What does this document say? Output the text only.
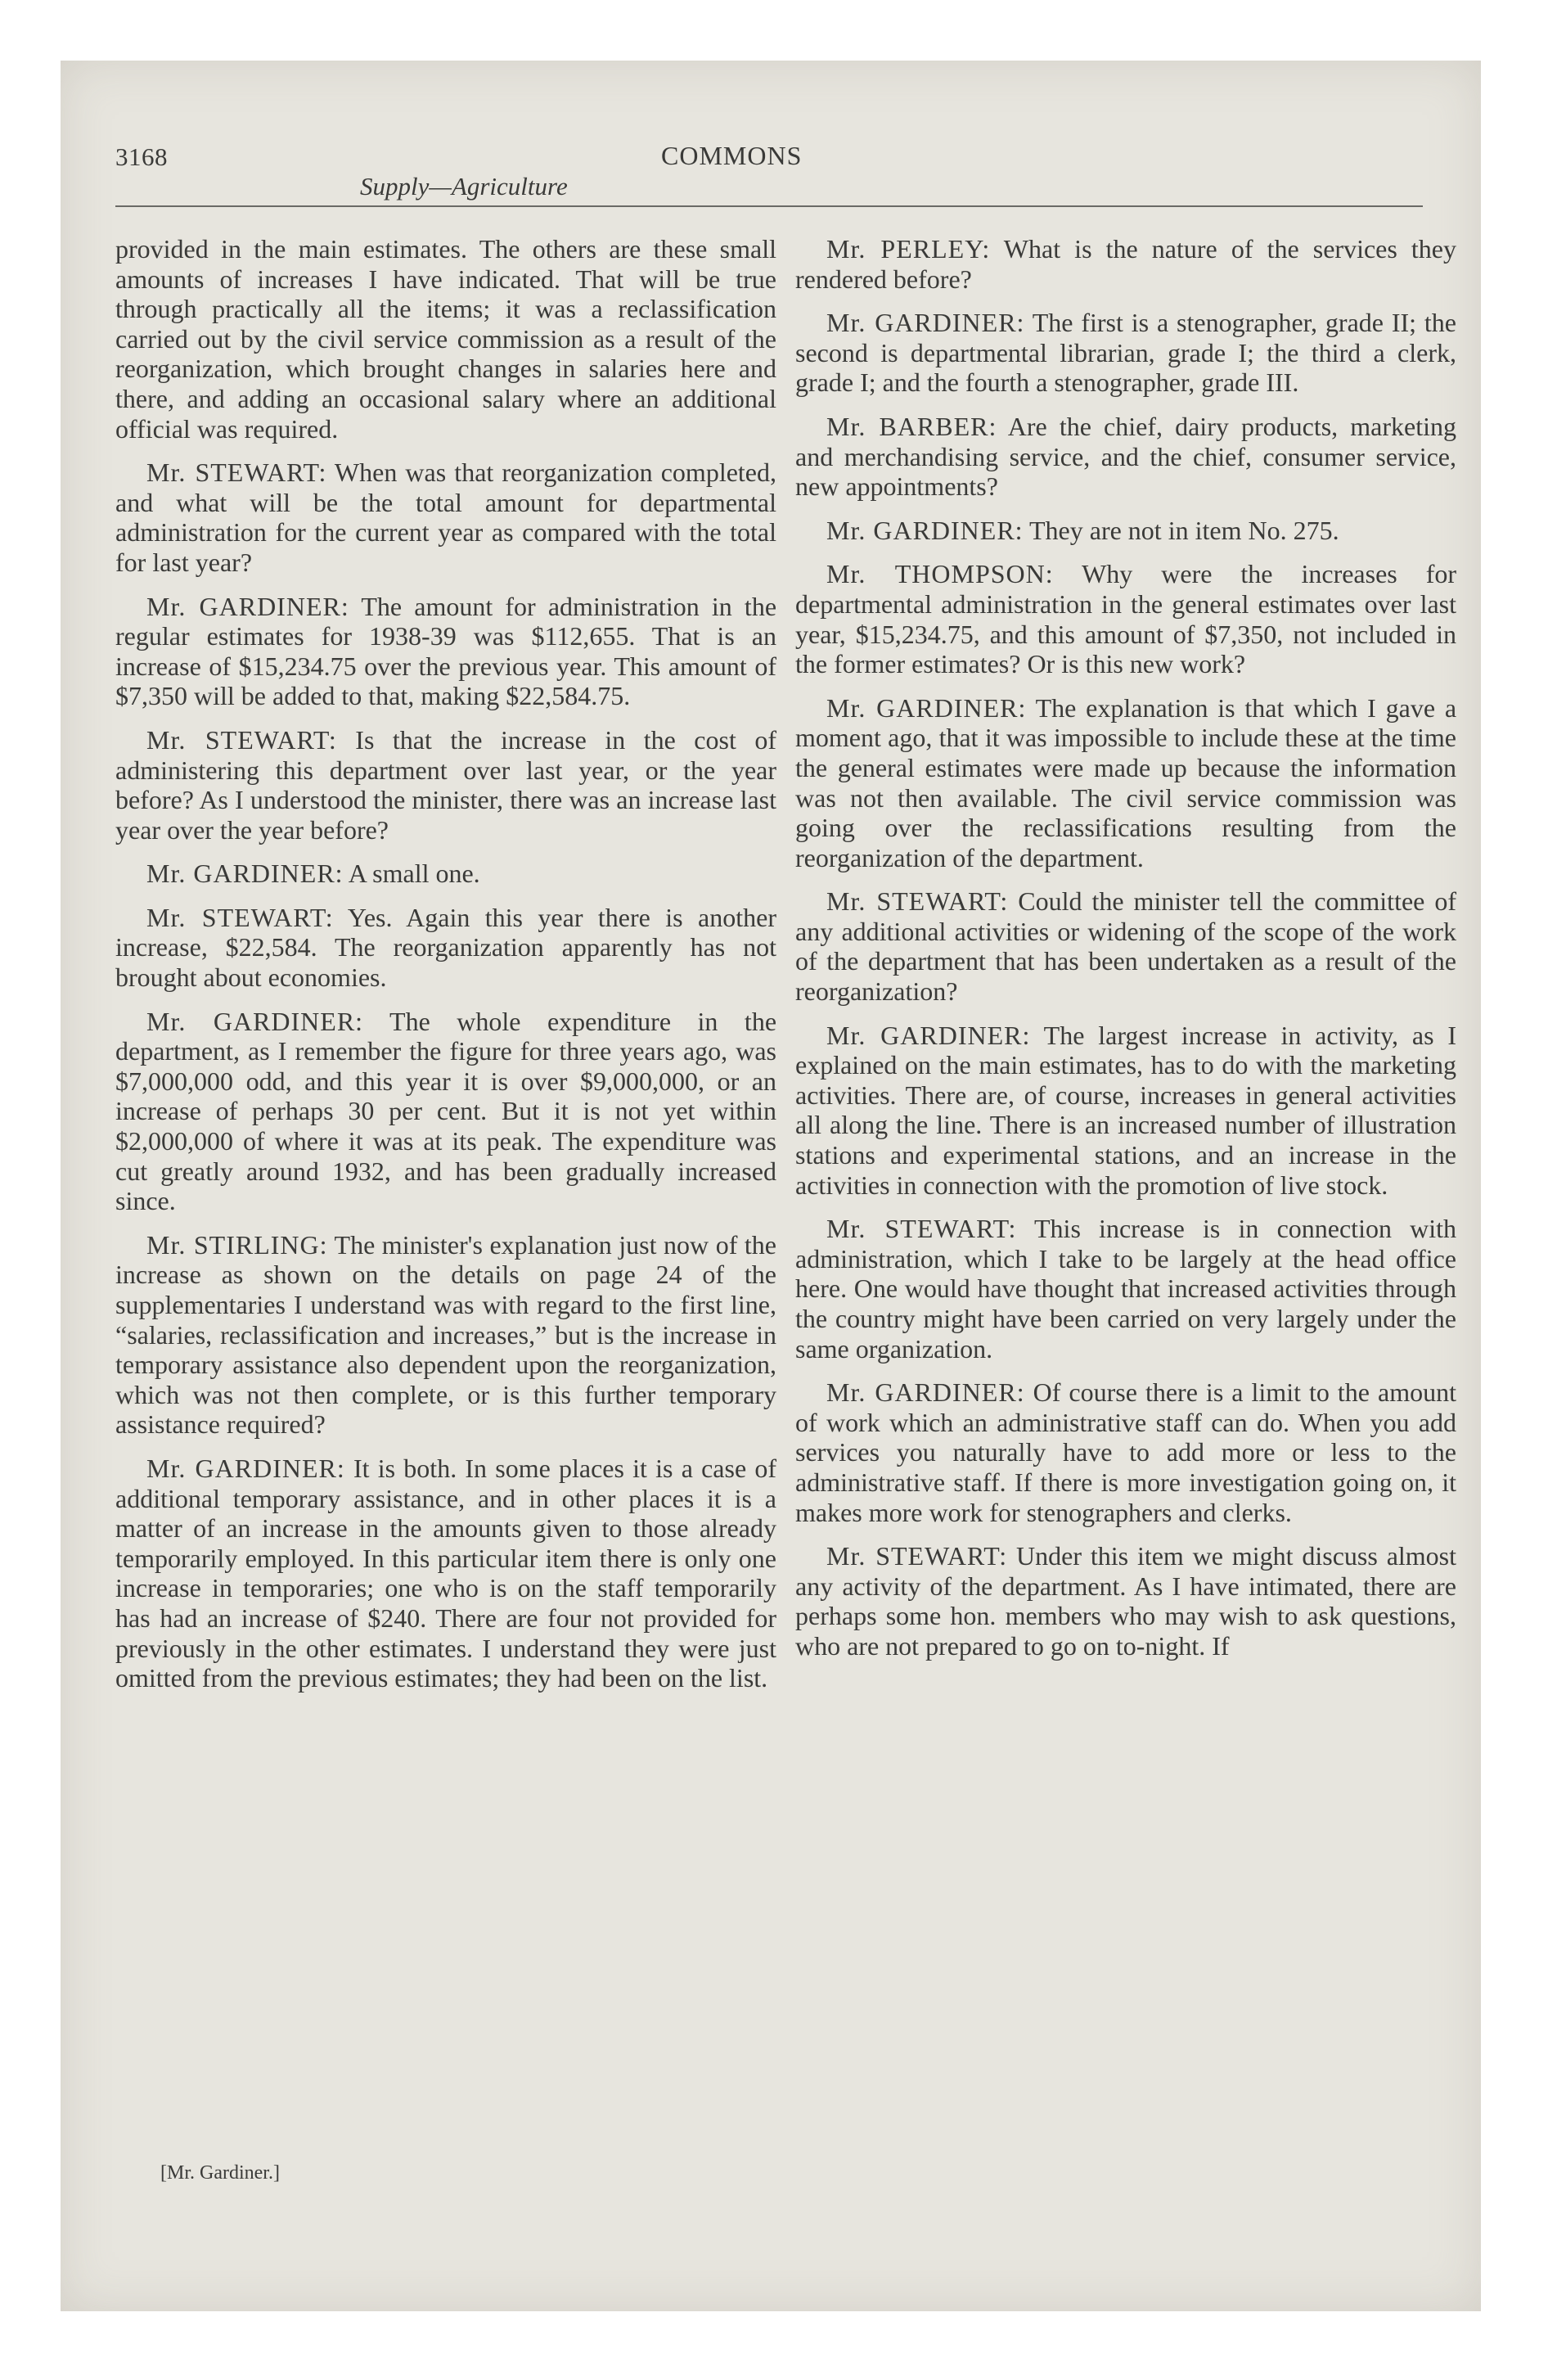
3168	COMMONS
Supply—Agriculture

provided in the main estimates. The others are these small amounts of increases I have indicated. That will be true through practically all the items; it was a reclassification carried out by the civil service commission as a result of the reorganization, which brought changes in salaries here and there, and adding an occasional salary where an additional official was required.

Mr. STEWART: When was that reorganization completed, and what will be the total amount for departmental administration for the current year as compared with the total for last year?

Mr. GARDINER: The amount for administration in the regular estimates for 1938-39 was $112,655. That is an increase of $15,234.75 over the previous year. This amount of $7,350 will be added to that, making $22,584.75.

Mr. STEWART: Is that the increase in the cost of administering this department over last year, or the year before? As I understood the minister, there was an increase last year over the year before?

Mr. GARDINER: A small one.

Mr. STEWART: Yes. Again this year there is another increase, $22,584. The reorganization apparently has not brought about economies.

Mr. GARDINER: The whole expenditure in the department, as I remember the figure for three years ago, was $7,000,000 odd, and this year it is over $9,000,000, or an increase of perhaps 30 per cent. But it is not yet within $2,000,000 of where it was at its peak. The expenditure was cut greatly around 1932, and has been gradually increased since.

Mr. STIRLING: The minister's explanation just now of the increase as shown on the details on page 24 of the supplementaries I understand was with regard to the first line, “salaries, reclassification and increases,” but is the increase in temporary assistance also dependent upon the reorganization, which was not then complete, or is this further temporary assistance required?

Mr. GARDINER: It is both. In some places it is a case of additional temporary assistance, and in other places it is a matter of an increase in the amounts given to those already temporarily employed. In this particular item there is only one increase in temporaries; one who is on the staff temporarily has had an increase of $240. There are four not provided for previously in the other estimates. I understand they were just omitted from the previous estimates; they had been on the list.

Mr. PERLEY: What is the nature of the services they rendered before?

Mr. GARDINER: The first is a stenographer, grade II; the second is departmental librarian, grade I; the third a clerk, grade I; and the fourth a stenographer, grade III.

Mr. BARBER: Are the chief, dairy products, marketing and merchandising service, and the chief, consumer service, new appointments?

Mr. GARDINER: They are not in item No. 275.

Mr. THOMPSON: Why were the increases for departmental administration in the general estimates over last year, $15,234.75, and this amount of $7,350, not included in the former estimates? Or is this new work?

Mr. GARDINER: The explanation is that which I gave a moment ago, that it was impossible to include these at the time the general estimates were made up because the information was not then available. The civil service commission was going over the reclassifications resulting from the reorganization of the department.

Mr. STEWART: Could the minister tell the committee of any additional activities or widening of the scope of the work of the department that has been undertaken as a result of the reorganization?

Mr. GARDINER: The largest increase in activity, as I explained on the main estimates, has to do with the marketing activities. There are, of course, increases in general activities all along the line. There is an increased number of illustration stations and experimental stations, and an increase in the activities in connection with the promotion of live stock.

Mr. STEWART: This increase is in connection with administration, which I take to be largely at the head office here. One would have thought that increased activities through the country might have been carried on very largely under the same organization.

Mr. GARDINER: Of course there is a limit to the amount of work which an administrative staff can do. When you add services you naturally have to add more or less to the administrative staff. If there is more investigation going on, it makes more work for stenographers and clerks.

Mr. STEWART: Under this item we might discuss almost any activity of the department. As I have intimated, there are perhaps some hon. members who may wish to ask questions, who are not prepared to go on to-night. If

[Mr. Gardiner.]
